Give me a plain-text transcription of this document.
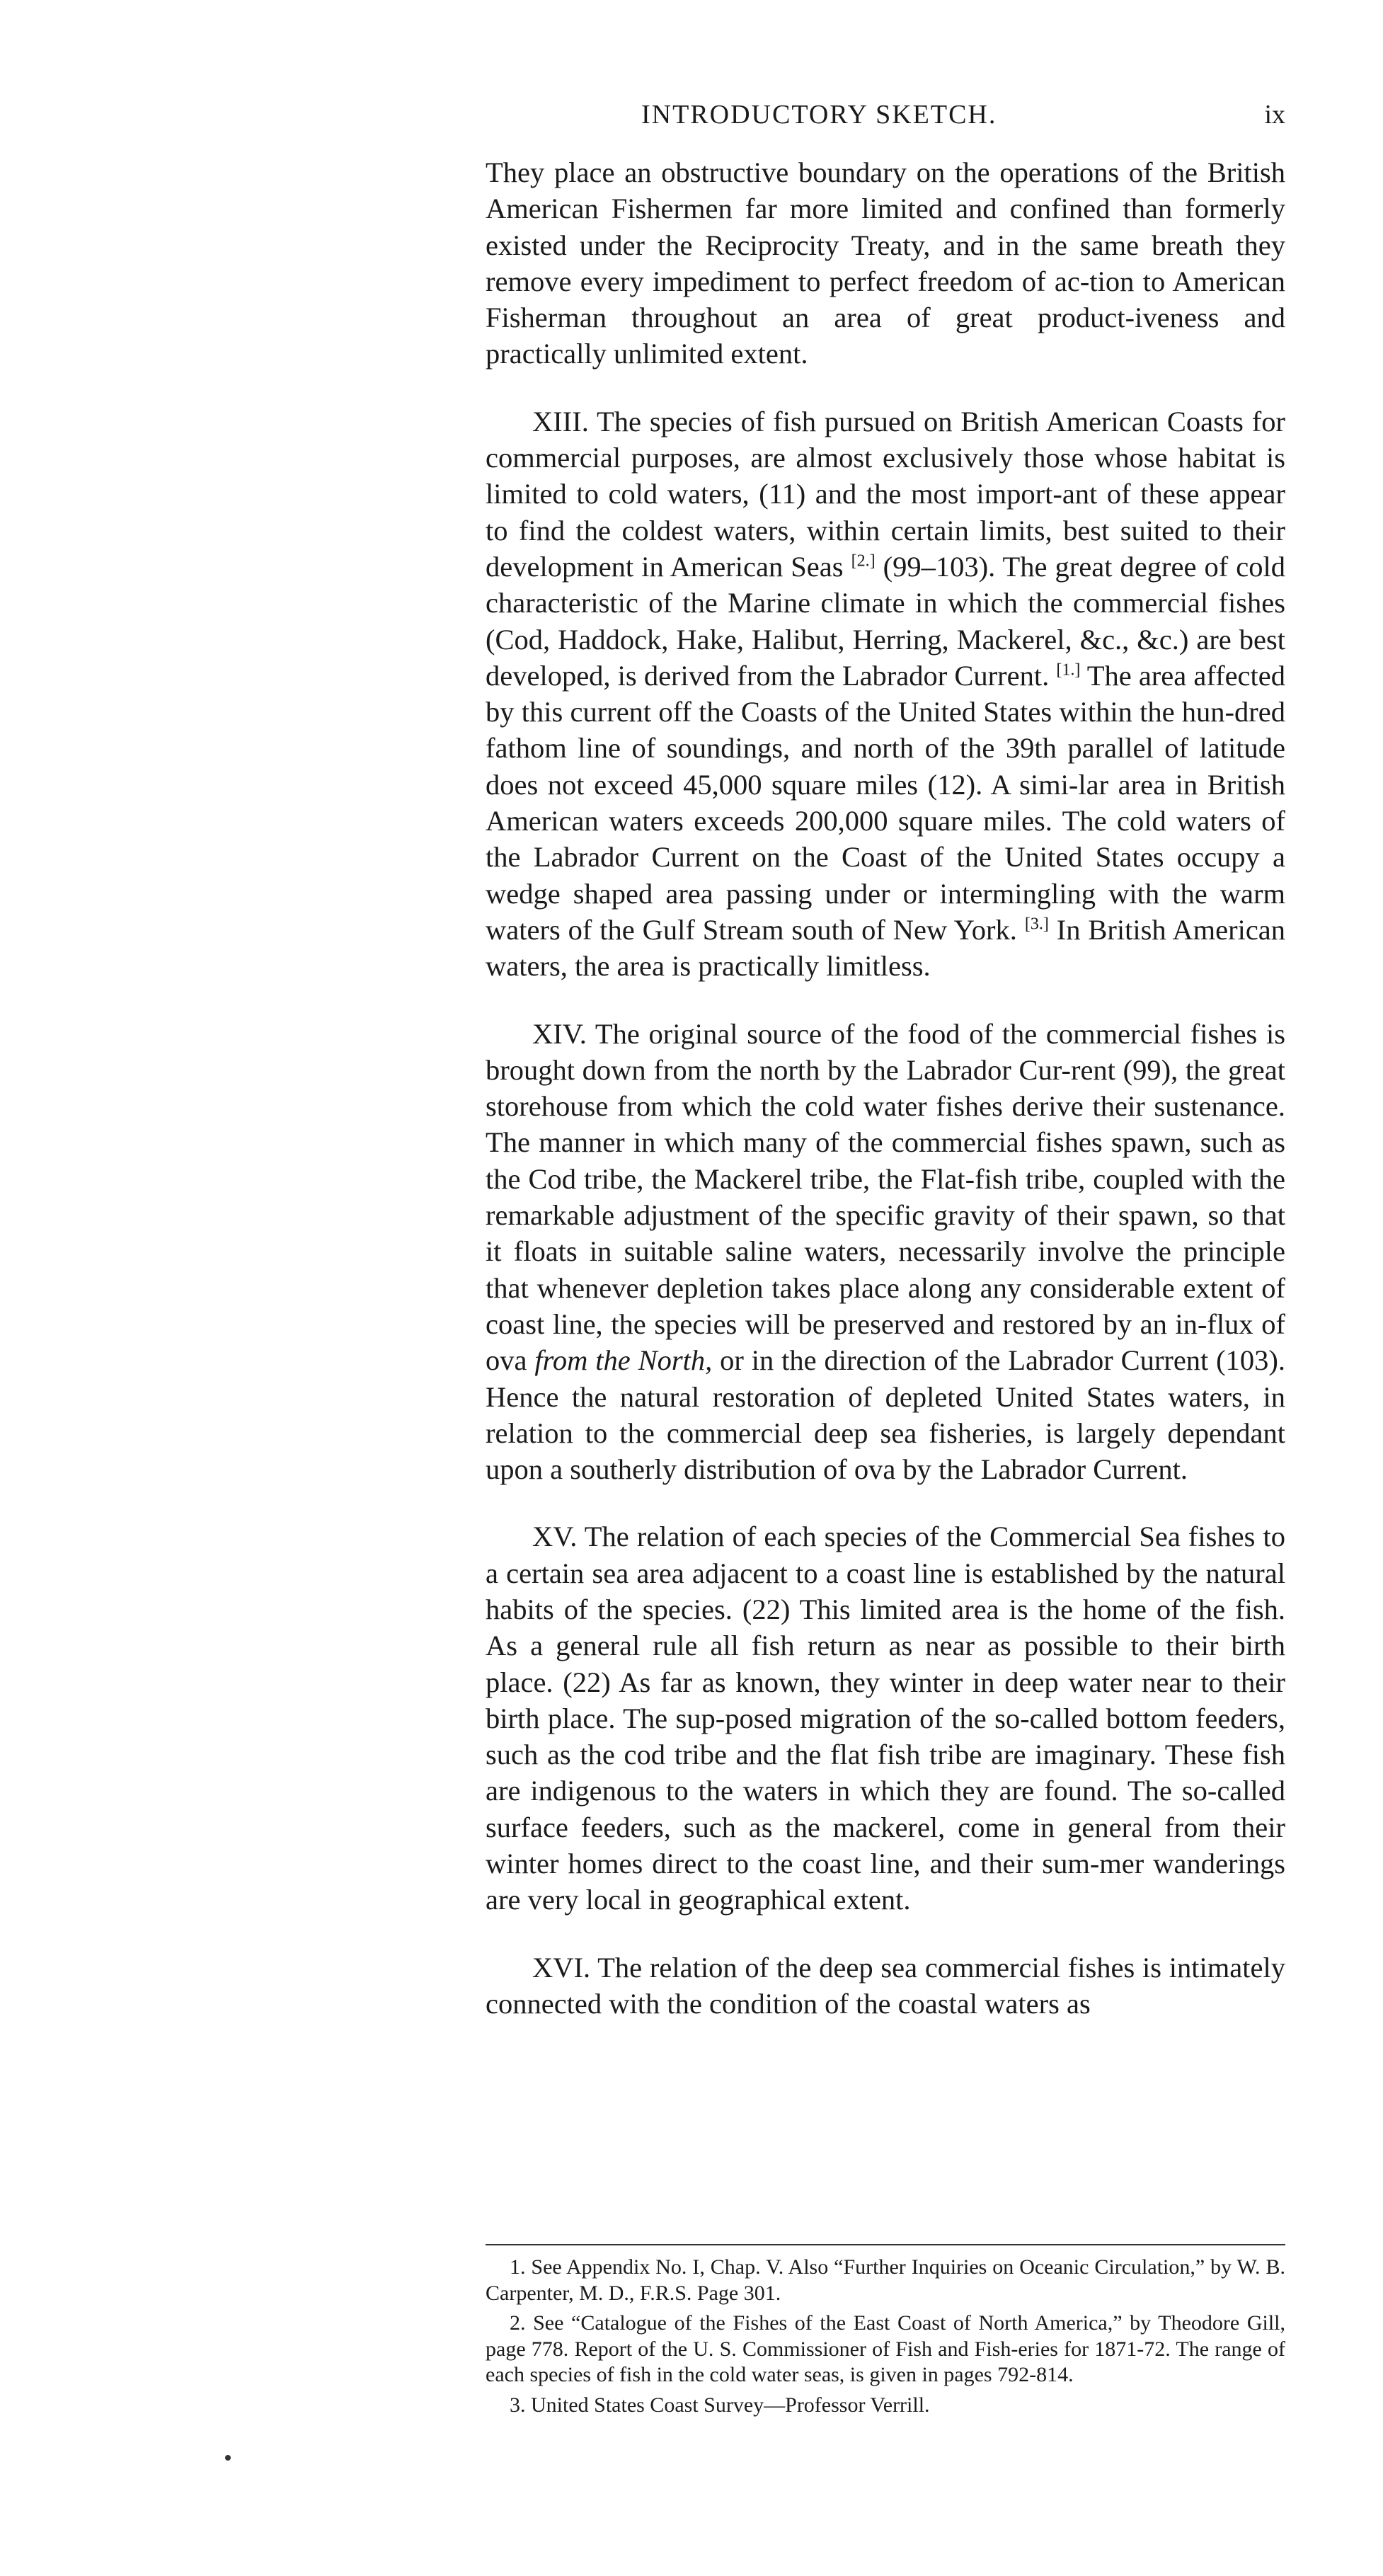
INTRODUCTORY SKETCH.	ix

They place an obstructive boundary on the operations of the British American Fishermen far more limited and confined than formerly existed under the Reciprocity Treaty, and in the same breath they remove every impediment to perfect freedom of ac-tion to American Fisherman throughout an area of great product-iveness and practically unlimited extent.

XIII. The species of fish pursued on British American Coasts for commercial purposes, are almost exclusively those whose habitat is limited to cold waters, (11) and the most import-ant of these appear to find the coldest waters, within certain limits, best suited to their development in American Seas [2.] (99–103). The great degree of cold characteristic of the Marine climate in which the commercial fishes (Cod, Haddock, Hake, Halibut, Herring, Mackerel, &c., &c.) are best developed, is derived from the Labrador Current. [1.] The area affected by this current off the Coasts of the United States within the hun-dred fathom line of soundings, and north of the 39th parallel of latitude does not exceed 45,000 square miles (12). A simi-lar area in British American waters exceeds 200,000 square miles. The cold waters of the Labrador Current on the Coast of the United States occupy a wedge shaped area passing under or intermingling with the warm waters of the Gulf Stream south of New York. [3.] In British American waters, the area is practically limitless.

XIV. The original source of the food of the commercial fishes is brought down from the north by the Labrador Cur-rent (99), the great storehouse from which the cold water fishes derive their sustenance. The manner in which many of the commercial fishes spawn, such as the Cod tribe, the Mackerel tribe, the Flat-fish tribe, coupled with the remarkable adjustment of the specific gravity of their spawn, so that it floats in suitable saline waters, necessarily involve the principle that whenever depletion takes place along any considerable extent of coast line, the species will be preserved and restored by an in-flux of ova from the North, or in the direction of the Labrador Current (103). Hence the natural restoration of depleted United States waters, in relation to the commercial deep sea fisheries, is largely dependant upon a southerly distribution of ova by the Labrador Current.

XV. The relation of each species of the Commercial Sea fishes to a certain sea area adjacent to a coast line is established by the natural habits of the species. (22) This limited area is the home of the fish. As a general rule all fish return as near as possible to their birth place. (22) As far as known, they winter in deep water near to their birth place. The sup-posed migration of the so-called bottom feeders, such as the cod tribe and the flat fish tribe are imaginary. These fish are indigenous to the waters in which they are found. The so-called surface feeders, such as the mackerel, come in general from their winter homes direct to the coast line, and their sum-mer wanderings are very local in geographical extent.

XVI. The relation of the deep sea commercial fishes is intimately connected with the condition of the coastal waters as

1. See Appendix No. I, Chap. V. Also “Further Inquiries on Oceanic Circulation,” by W. B. Carpenter, M. D., F.R.S. Page 301.

2. See “Catalogue of the Fishes of the East Coast of North America,” by Theodore Gill, page 778. Report of the U. S. Commissioner of Fish and Fish-eries for 1871-72. The range of each species of fish in the cold water seas, is given in pages 792-814.

3. United States Coast Survey—Professor Verrill.
